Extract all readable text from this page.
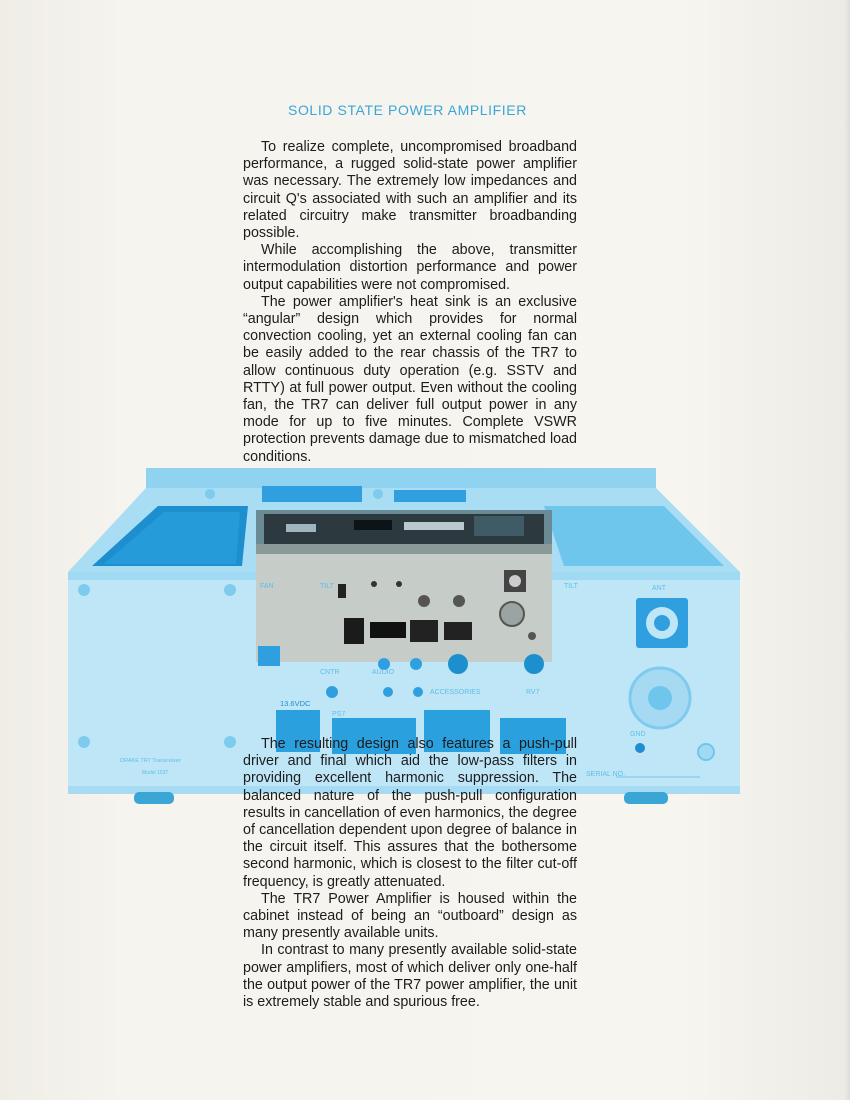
SOLID STATE POWER AMPLIFIER

To realize complete, uncompromised broadband performance, a rugged solid-state power amplifier was necessary. The extremely low impedances and circuit Q's associated with such an amplifier and its related circuitry make transmitter broadbanding possible.

While accomplishing the above, transmitter intermodulation distortion performance and power output capabilities were not compromised.

The power amplifier's heat sink is an exclusive “angular” design which provides for normal convection cooling, yet an external cooling fan can be easily added to the rear chassis of the TR7 to allow continuous duty operation (e.g. SSTV and RTTY) at full power output. Even without the cooling fan, the TR7 can deliver full output power in any mode for up to five minutes. Complete VSWR protection prevents damage due to mismatched load conditions.

FAN	TILT	TILT	ANT
CNTR	AUDIO
ACCESSORIES	RV7
13.6VDC
PS7
GND
SERIAL NO.
DRAKE TR7 Transceiver
Model 1037

The resulting design also features a push-pull driver and final which aid the low-pass filters in providing excellent harmonic suppression. The balanced nature of the push-pull configuration results in cancellation of even harmonics, the degree of cancellation dependent upon degree of balance in the circuit itself. This assures that the bothersome second harmonic, which is closest to the filter cut-off frequency, is greatly attenuated.

The TR7 Power Amplifier is housed within the cabinet instead of being an “outboard” design as many presently available units.

In contrast to many presently available solid-state power amplifiers, most of which deliver only one-half the output power of the TR7 power amplifier, the unit is extremely stable and spurious free.
